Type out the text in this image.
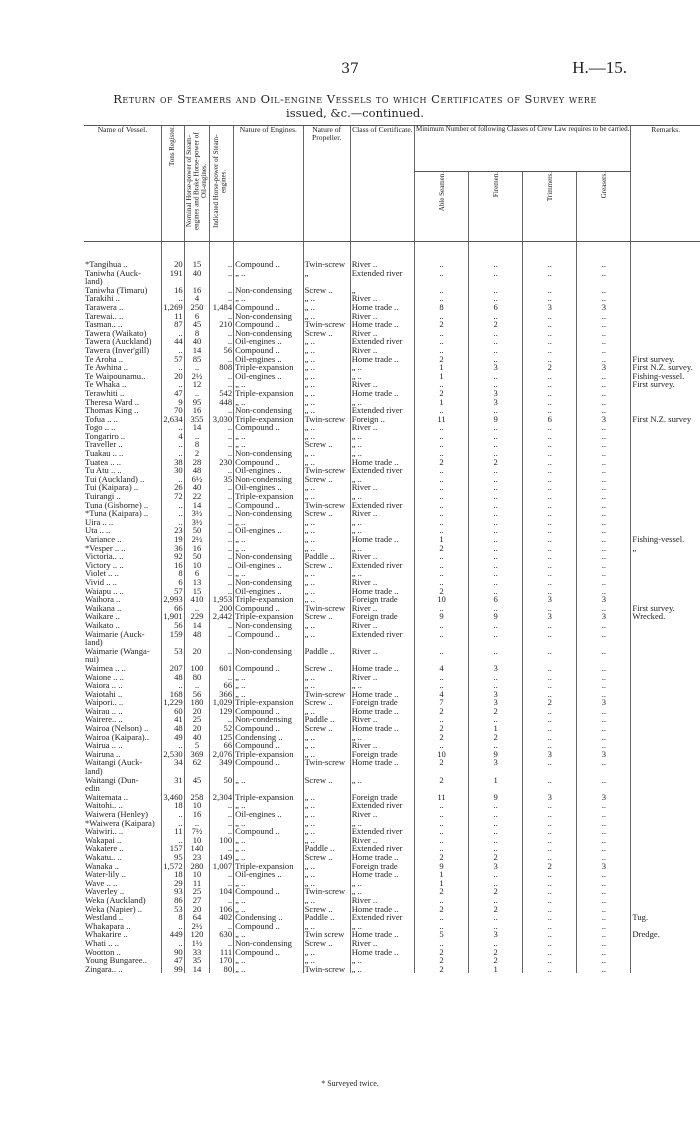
37	H.—15.
Return of Steamers and Oil-engine Vessels to which Certificates of Survey were
issued, &c.—continued.
Name of Vessel.	Tons Register.	Nominal Horse-power of Steam-engines and Brake Horse-power of Oil-engines.	Indicated Horse-power of Steam-engines.	Nature of Engines.	Nature of Propeller.	Class of Certificate.	Minimum Number of following Classes of Crew Law requires to be carried.				Remarks.

							Able Seamen.	Firemen.	Trimmers.	Greasers.	

*Tangihua ..	20	15	..	Compound ..	Twin-screw	River ..	..	..	..	..	
Taniwha (Auck-	191	40	..	„ ..	„	Extended river	..	..	..	..	
land)											
Taniwha (Timaru)	16	16	..	Non-condensing	Screw ..	„	..	..	..	..	
Tarakihi ..	..	4	..	„ ..	„ ..	River ..	..	..	..	..	
Tarawera ..	1,269	250	1,484	Compound ..	„ ..	Home trade ..	8	6	3	3	
Tarewai.. ..	11	6	..	Non-condensing	„ ..	River ..	..	..	..	..	
Tasman.. ..	87	45	210	Compound ..	Twin-screw	Home trade ..	2	2	..	..	
Tawera (Waikato)	..	8	..	Non-condensing	Screw ..	River ..	..	..	..	..	
Tawera (Auckland)	44	40	..	Oil-engines ..	„ ..	Extended river	..	..	..	..	
Tawera (Inver'gill)	..	14	56	Compound ..	„ ..	River ..	..	..	..	..	
Te Aroha ..	57	85	..	Oil-engines ..	„ ..	Home trade ..	2	..	..	..	First survey.
Te Awhina ..	..	..	808	Triple-expansion	„ ..	„ ..	1	3	2	3	First N.Z. survey.
Te Waipounamu..	20	2½	..	Oil-engines ..	„ ..	„ ..	1	..	..	..	Fishing-vessel.
Te Whaka ..	..	12	..	„ ..	„ ..	River ..	..	..	..	..	First survey.
Terawhiti ..	47	..	542	Triple-expansion	„ ..	Home trade ..	2	3	..	..	
Theresa Ward ..	9	95	448	„ ..	„ ..	„ ..	1	3	..	..	
Thomas King ..	70	16	..	Non-condensing	„ ..	Extended river	..	..	..	..	
Tofua .. ..	2,634	355	3,030	Triple-expansion	Twin-screw	Foreign ..	11	9	6	3	First N.Z. survey
Togo .. ..	..	14	..	Compound ..	„ ..	River ..	..	..	..	..	
Tongariro ..	4	..	..	„ ..	„ ..	„ ..	..	..	..	..	
Traveller ..	..	8	..	„ ..	Screw ..	„ ..	..	..	..	..	
Tuakau .. ..	..	2	..	Non-condensing	„ ..	„ ..	..	..	..	..	
Tuatea .. ..	38	28	230	Compound ..	„ ..	Home trade ..	2	2	..	..	
Tu Atu .. ..	30	48	..	Oil-engines ..	Twin-screw	Extended river	..	..	..	..	
Tui (Auckland) ..	..	6½	35	Non-condensing	Screw ..	„ ..	..	..	..	..	
Tui (Kaipara) ..	26	40	..	Oil-engines ..	„ ..	River ..	..	..	..	..	
Tuirangi ..	72	22	..	Triple-expansion	„ ..	„ ..	..	..	..	..	
Tuna (Gisborne) ..	..	14	..	Compound ..	Twin-screw	Extended river	..	..	..	..	
*Tuna (Kaipara) ..	..	3½	..	Non-condensing	Screw ..	River ..	..	..	..	..	
Uira .. ..	..	3½	..	„ ..	„ ..	„ ..	..	..	..	..	
Uta .. ..	23	50	..	Oil-engines ..	„ ..	„ ..	..	..	..	..	
Variance ..	19	2½	..	„ ..	„ ..	Home trade ..	1	..	..	..	Fishing-vessel.
*Vesper .. ..	36	16	..	„ ..	„ ..	„ ..	2	..	..	..	„
Victoria.. ..	92	50	..	Non-condensing	Paddle ..	River ..	..	..	..	..	
Victory .. ..	16	10	..	Oil-engines ..	Screw ..	Extended river	..	..	..	..	
Violet .. ..	8	6	..	„ ..	„ ..	„ ..	..	..	..	..	
Vivid .. ..	6	13	..	Non-condensing	„ ..	River ..	..	..	..	..	
Waiapu .. ..	57	15	..	Oil-engines ..	„ ..	Home trade ..	2	..	..	..	
Waihora ..	2,993	410	1,953	Triple-expansion	„ ..	Foreign trade	10	6	3	3	
Waikana ..	66	..	200	Compound ..	Twin-screw	River ..	..	..	..	..	First survey.
Waikare ..	1,901	229	2,442	Triple-expansion	Screw ..	Foreign trade	9	9	3	3	Wrecked.
Waikato ..	56	14	..	Non-condensing	„ ..	River ..	..	..	..	..	
Waimarie (Auck-	159	48	..	Compound ..	„ ..	Extended river	..	..	..	..	
land)											
Waimarie (Wanga-	53	20	..	Non-condensing	Paddle ..	River ..	..	..	..	..	
nui)											
Waimea .. ..	207	100	601	Compound ..	Screw ..	Home trade ..	4	3	..	..	
Waione .. ..	48	80	..	„ ..	„ ..	River ..	..	..	..	..	
Waiora .. ..	..	..	66	„ ..	„ ..	„ ..	..	..	..	..	
Waiotahi ..	168	56	366	„ ..	Twin-screw	Home trade ..	4	3	..	..	
Waipori.. ..	1,229	180	1,029	Triple-expansion	Screw ..	Foreign trade	7	3	2	3	
Wairau .. ..	60	20	129	Compound ..	„ ..	Home trade ..	2	2	..	..	
Wairere.. ..	41	25	..	Non-condensing	Paddle ..	River ..	..	..	..	..	
Wairoa (Nelson) ..	48	20	52	Compound ..	Screw ..	Home trade ..	2	1	..	..	
Wairoa (Kaipara)..	49	40	125	Condensing ..	„ ..	„ ..	2	2	..	..	
Wairua .. ..	..	5	66	Compound ..	„ ..	River ..	..	..	..	..	
Wairuna ..	2,530	369	2,076	Triple-expansion	„ ..	Foreign trade	10	9	3	3	
Waitangi (Auck-	34	62	349	Compound ..	Twin-screw	Home trade ..	2	3	..	..	
land)											
Waitangi (Dun-	31	45	50	„ ..	Screw ..	„ ..	2	1	..	..	
edin											
Waitemata ..	3,460	258	2,304	Triple-expansion	„ ..	Foreign trade	11	9	3	3	
Waitohi.. ..	18	10	..	„ ..	„ ..	Extended river	..	..	..	..	
Waiwera (Henley)	..	16	..	Oil-engines ..	„ ..	River ..	..	..	..	..	
*Waiwera (Kaipara)	..	..	..	„ ..	„ ..	„ ..	..	..	..	..	
Waiwiri.. ..	11	7½	..	Compound ..	„ ..	Extended river	..	..	..	..	
Wakapai ..	..	10	100	„ ..	„ ..	River ..	..	..	..	..	
Wakatere ..	157	140	..	„ ..	Paddle ..	Extended river	..	..	..	..	
Wakatu.. ..	95	23	149	„ ..	Screw ..	Home trade ..	2	2	..	..	
Wanaka ..	1,572	280	1,007	Triple-expansion	„ ..	Foreign trade	9	3	2	3	
Water-lily ..	18	10	..	Oil-engines ..	„ ..	Home trade ..	1	..	..	..	
Wave .. ..	29	11	..	„ ..	„ ..	„ ..	1	..	..	..	
Waverley ..	93	25	104	Compound ..	Twin-screw	„ ..	2	2	..	..	
Weka (Auckland)	86	27	..	„ ..	„ ..	River ..	..	..	..	..	
Weka (Napier) ..	53	20	106	„ ..	Screw ..	Home trade ..	2	2	..	..	
Westland ..	8	64	402	Condensing ..	Paddle ..	Extended river	..	..	..	..	Tug.
Whakapara ..	..	2½	..	Compound ..	„ ..	„ ..	..	..	..	..	
Whakarire ..	449	120	630	„ ..	Twin screw	Home trade ..	5	3	..	..	Dredge.
Whati .. ..	..	1½	..	Non-condensing	Screw ..	River ..	..	..	..	..	
Wootton ..	90	33	111	Compound ..	„ ..	Home trade ..	2	2	..	..	
Young Bungaree..	47	35	170	„ ..	„ ..	„ ..	2	2	..	..	
Zingara.. ..	99	14	80	„ ..	Twin-screw	„ ..	2	1	..	..	
* Surveyed twice.
